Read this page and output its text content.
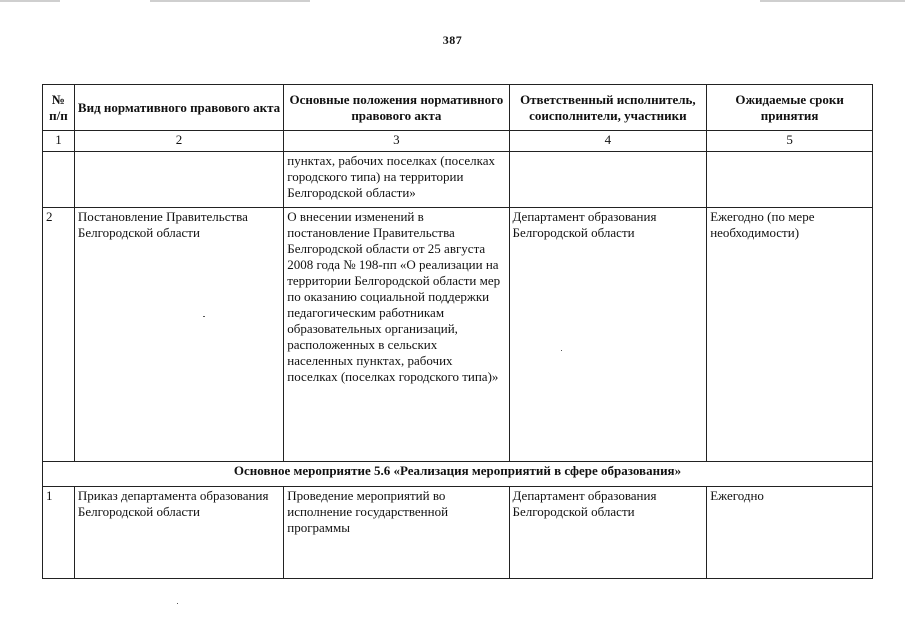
387
№ п/п	Вид нормативного правового акта	Основные положения нормативного правового акта	Ответственный исполнитель, соисполнители, участники	Ожидаемые сроки принятия
1	2	3	4	5
		пунктах, рабочих поселках (поселках городского типа) на территории Белгородской области»		
2	Постановление Правительства Белгородской области	О внесении изменений в постановление Правительства Белгородской области от 25 августа 2008 года № 198-пп «О реализации на территории Белгородской области мер по оказанию социальной поддержки педагогическим работникам образовательных организаций, расположенных в сельских населенных пунктах, рабочих поселках (поселках городского типа)»	Департамент образования Белгородской области	Ежегодно (по мере необходимости)
Основное мероприятие 5.6 «Реализация мероприятий в сфере образования»				
1	Приказ департамента образования Белгородской области	Проведение мероприятий во исполнение государственной программы	Департамент образования Белгородской области	Ежегодно
